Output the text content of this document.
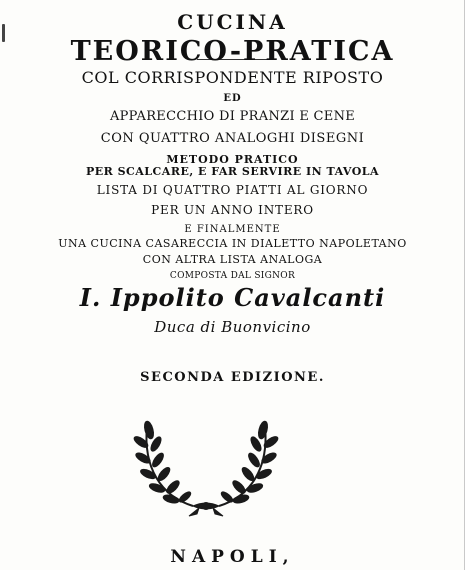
CUCINA
TEORICO-PRATICA
COL CORRISPONDENTE RIPOSTO
ED
APPARECCHIO DI PRANZI E CENE
CON QUATTRO ANALOGHI DISEGNI
METODO PRATICO
PER SCALCARE, E FAR SERVIRE IN TAVOLA
LISTA DI QUATTRO PIATTI AL GIORNO
PER UN ANNO INTERO
E FINALMENTE
UNA CUCINA CASARECCIA IN DIALETTO NAPOLETANO
CON ALTRA LISTA ANALOGA
COMPOSTA DAL SIGNOR
I. Ippolito Cavalcanti
Duca di Buonvicino
SECONDA EDIZIONE.
NAPOLI,
